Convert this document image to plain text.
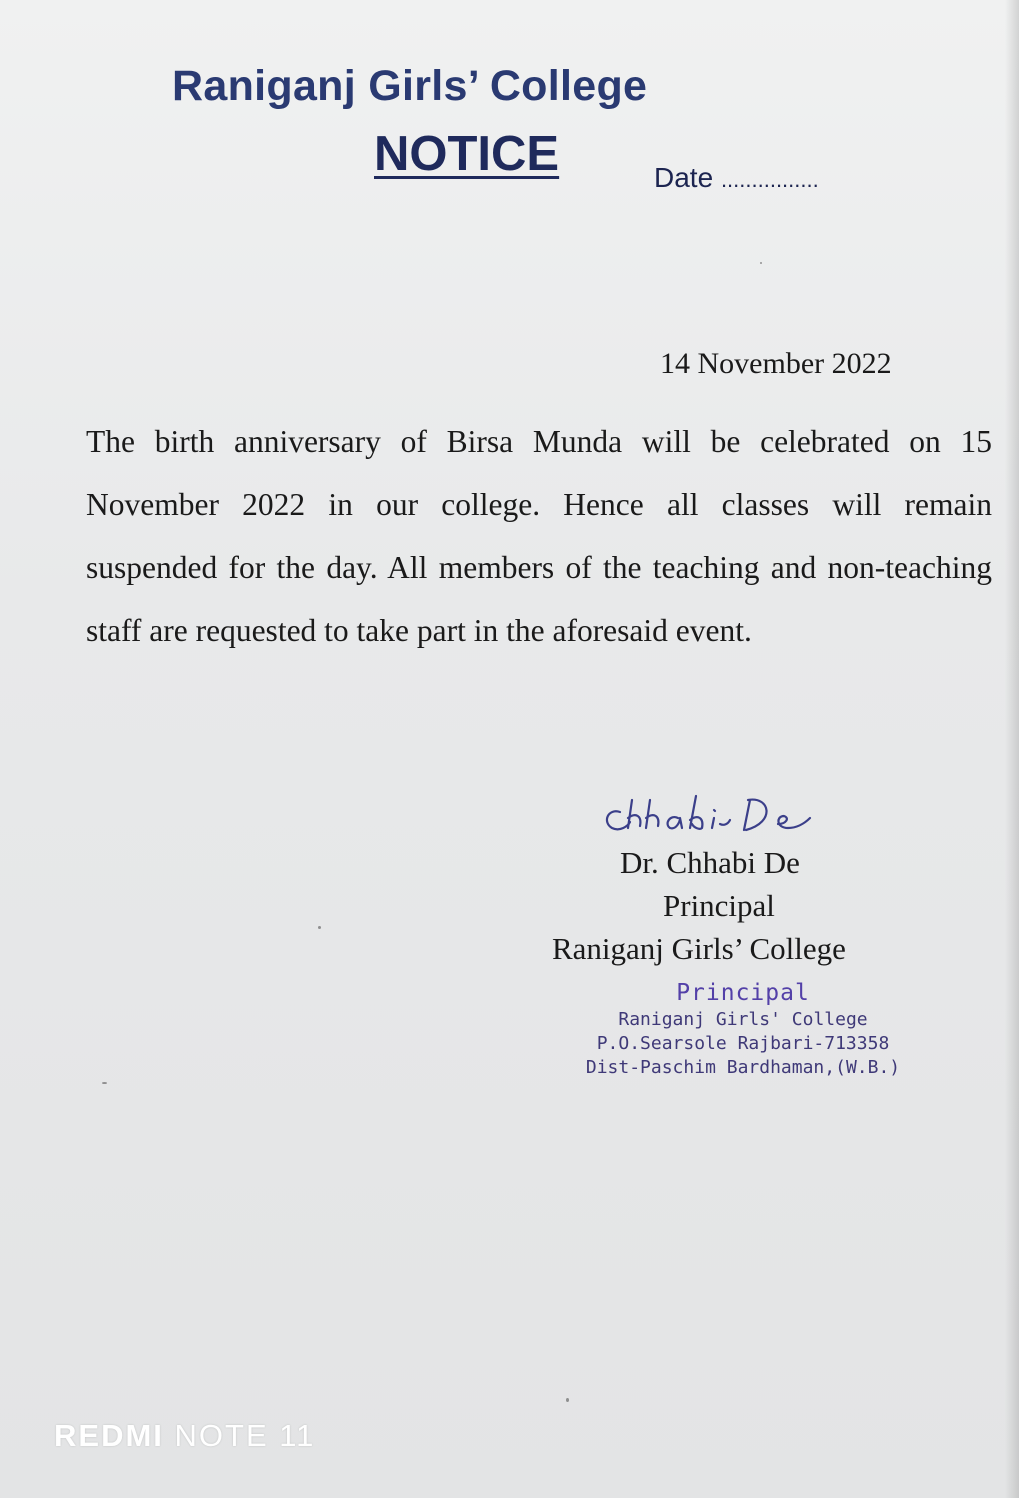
Raniganj Girls’ College
NOTICE	Date ................
14 November 2022
The birth anniversary of Birsa Munda will be celebrated on 15 November 2022 in our college. Hence all classes will remain suspended for the day. All members of the teaching and non-teaching staff are requested to take part in the aforesaid event.
Chhabi De
Dr. Chhabi De
Principal
Raniganj Girls’ College
Principal
Raniganj Girls' College
P.O.Searsole Rajbari-713358
Dist-Paschim Bardhaman,(W.B.)
REDMI NOTE 11
